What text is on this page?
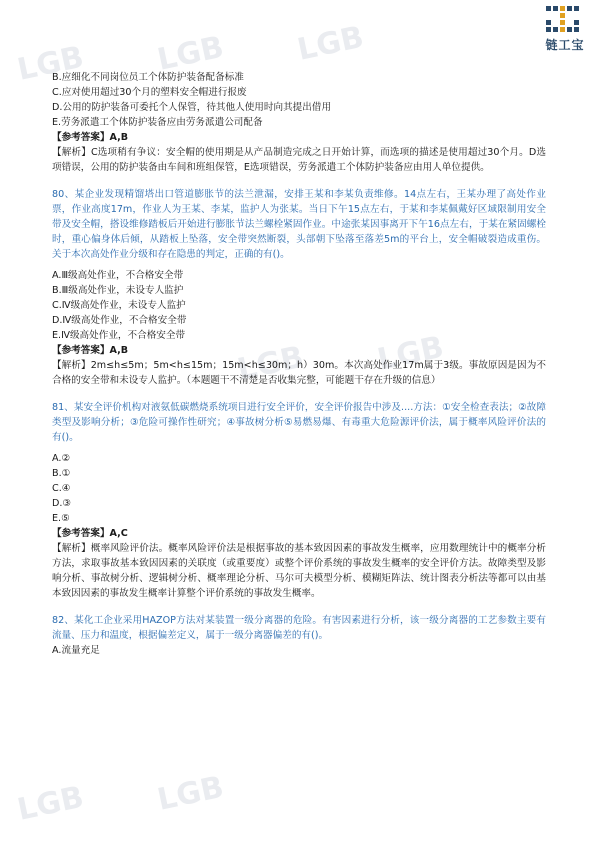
LGB LGB LGB
LGB LGB
LGB LGB
链工宝
B.应细化不同岗位员工个体防护装备配备标准
C.应对使用超过30个月的塑料安全帽进行报废
D.公用的防护装备可委托个人保管，待其他人使用时向其提出借用
E.劳务派遣工个体防护装备应由劳务派遣公司配备
【参考答案】A,B
【解析】C选项稍有争议：安全帽的使用期是从产品制造完成之日开始计算，而选项的描述是使用超过30个月。D选项错误，公用的防护装备由车间和班组保管，E选项错误，劳务派遣工个体防护装备应由用人单位提供。
80、某企业发现精馏塔出口管道膨胀节的法兰泄漏，安排王某和李某负责维修。14点左右，王某办理了高处作业票，作业高度17m，作业人为王某、李某，监护人为张某。当日下午15点左右，于某和李某佩戴好区域限制用安全带及安全帽，搭设维修踏板后开始进行膨胀节法兰螺栓紧固作业。中途张某因事离开下午16点左右，于某在紧固螺栓时，重心偏身体后倾，从踏板上坠落，安全带突然断裂，头部朝下坠落至落差5m的平台上，安全帽破裂造成重伤。关于本次高处作业分级和存在隐患的判定，正确的有()。
A.Ⅲ级高处作业，不合格安全带
B.Ⅲ级高处作业，未设专人监护
C.Ⅳ级高处作业，未设专人监护
D.Ⅳ级高处作业，不合格安全带
E.Ⅳ级高处作业，不合格安全带
【参考答案】A,B
【解析】2m≤h≤5m；5m<h≤15m；15m<h≤30m；h）30m。本次高处作业17m属于3级。事故原因是因为不合格的安全带和未设专人监护。（本题题干不清楚是否收集完整，可能题干存在升级的信息）
81、某安全评价机构对液氨低碳燃烧系统项目进行安全评价，安全评价报告中涉及....方法：①安全检查表法；②故障类型及影响分析；③危险可操作性研究；④事故树分析⑤易燃易爆、有毒重大危险源评价法，属于概率风险评价法的有()。
A.②
B.①
C.④
D.③
E.⑤
【参考答案】A,C
【解析】概率风险评价法。概率风险评价法是根据事故的基本致因因素的事故发生概率，应用数理统计中的概率分析方法，求取事故基本致因因素的关联度（或重要度）或整个评价系统的事故发生概率的安全评价方法。故障类型及影响分析、事故树分析、逻辑树分析、概率理论分析、马尔可夫模型分析、模糊矩阵法、统计图表分析法等都可以由基本致因因素的事故发生概率计算整个评价系统的事故发生概率。
82、某化工企业采用HAZOP方法对某装置一级分离器的危险。有害因素进行分析，该一级分离器的工艺参数主要有流量、压力和温度，根据偏差定义，属于一级分离器偏差的有()。
A.流量充足
